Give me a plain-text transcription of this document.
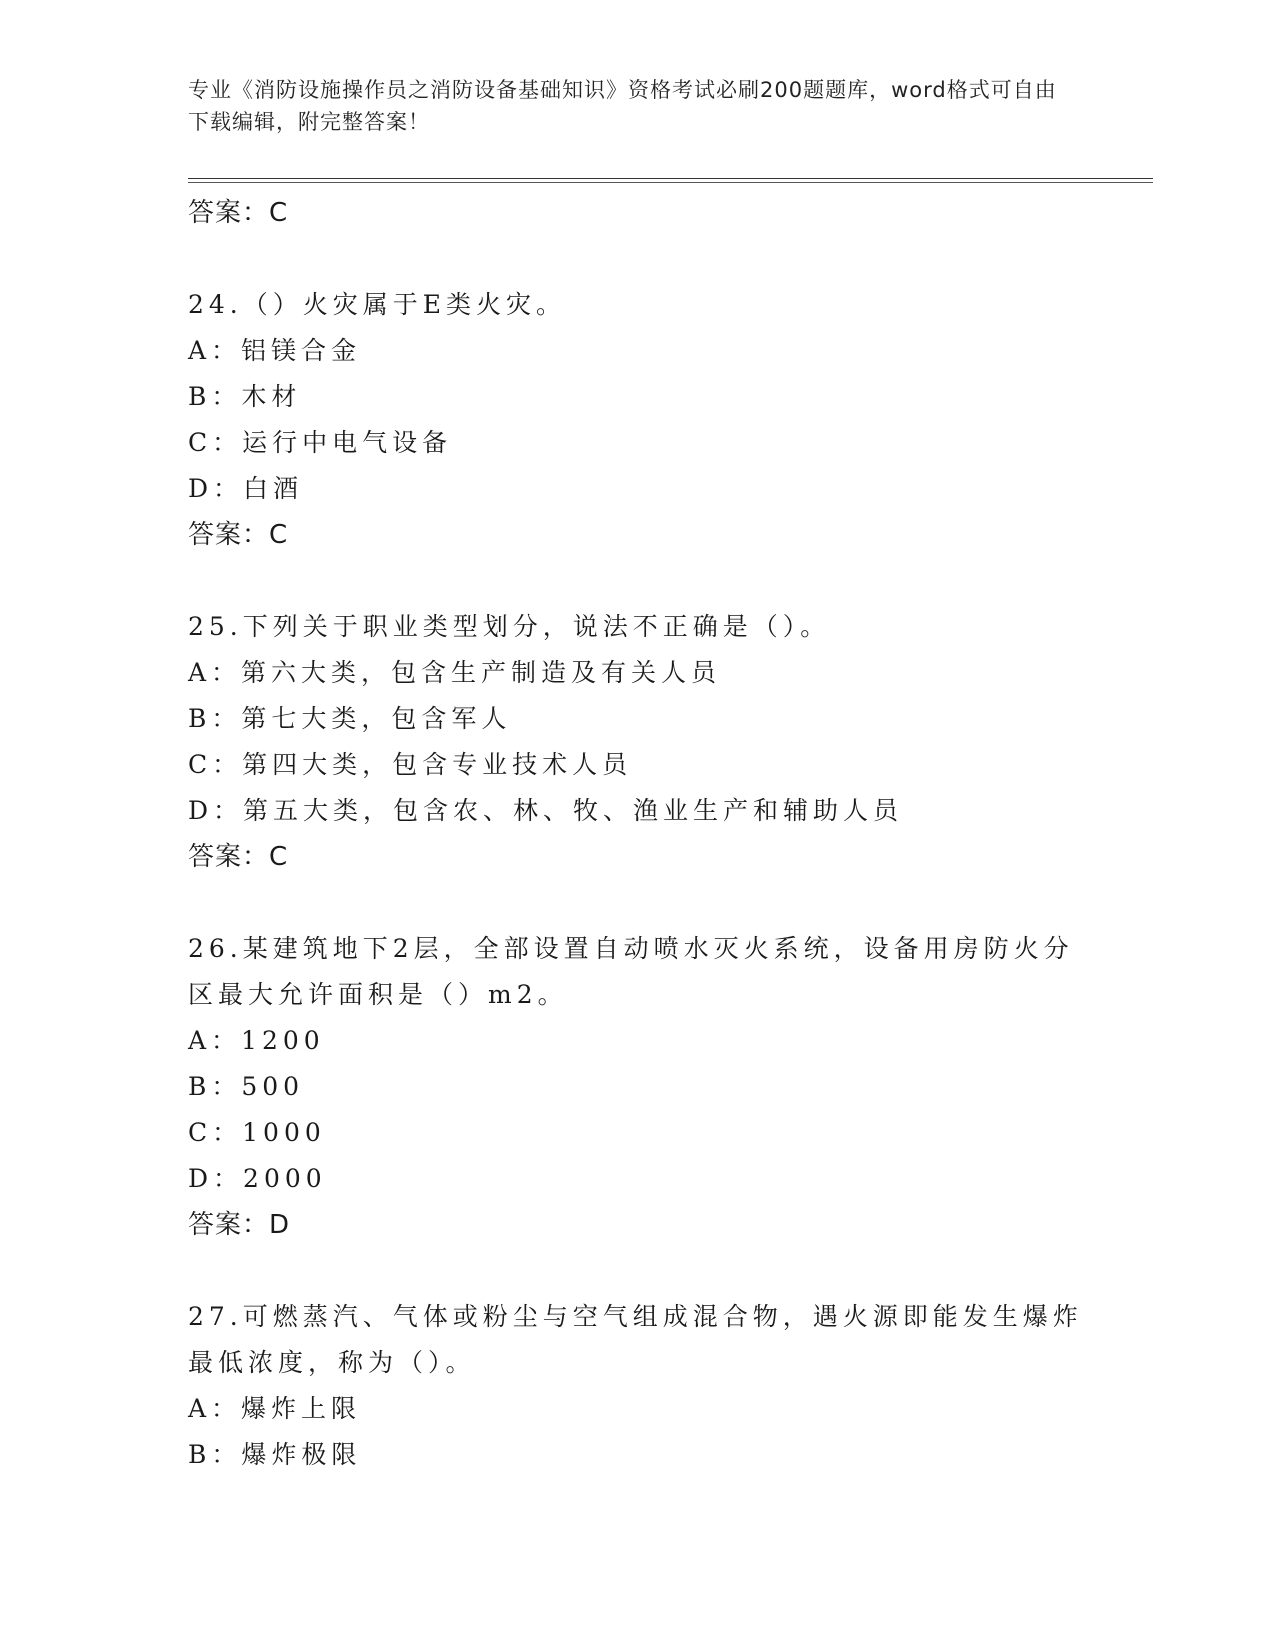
专业《消防设施操作员之消防设备基础知识》资格考试必刷200题题库，word格式可自由下载编辑，附完整答案！

答案：C

24.（）火灾属于E类火灾。

A：铝镁合金

B：木材

C：运行中电气设备

D：白酒

答案：C

25.下列关于职业类型划分，说法不正确是（）。

A：第六大类，包含生产制造及有关人员

B：第七大类，包含军人

C：第四大类，包含专业技术人员

D：第五大类，包含农、林、牧、渔业生产和辅助人员

答案：C

26.某建筑地下2层，全部设置自动喷水灭火系统，设备用房防火分区最大允许面积是（）m2。

A：1200

B：500

C：1000

D：2000

答案：D

27.可燃蒸汽、气体或粉尘与空气组成混合物，遇火源即能发生爆炸最低浓度，称为（）。

A：爆炸上限

B：爆炸极限
